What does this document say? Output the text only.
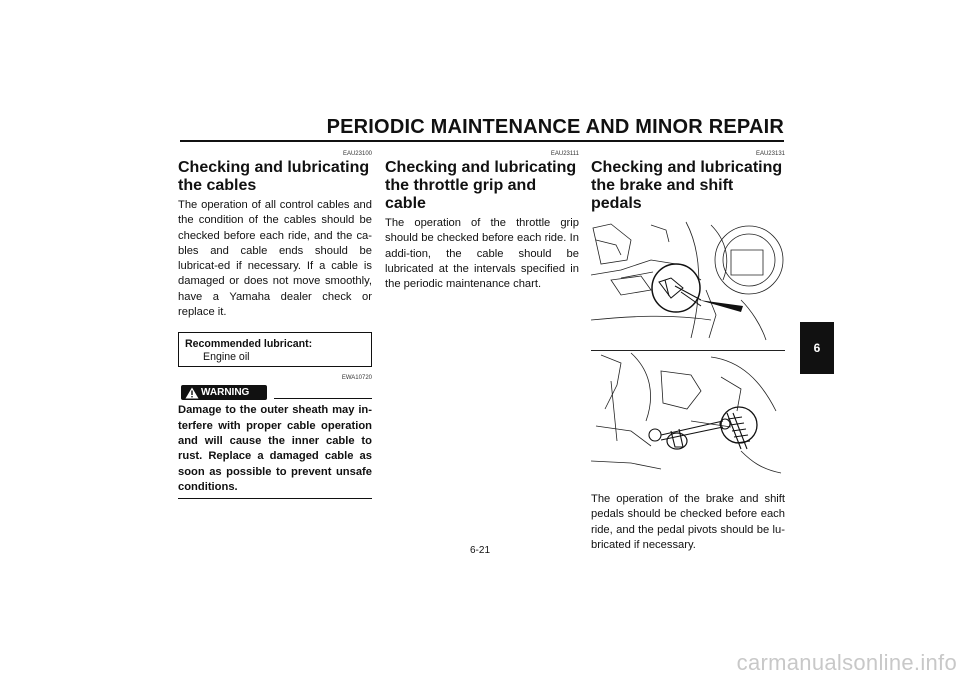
PERIODIC MAINTENANCE AND MINOR REPAIR
EAU23100
Checking and lubricating the cables
The operation of all control cables and the condition of the cables should be checked before each ride, and the ca-bles and cable ends should be lubricat-ed if necessary. If a cable is damaged or does not move smoothly, have a Yamaha dealer check or replace it.
Recommended lubricant:
Engine oil
EWA10720
WARNING
Damage to the outer sheath may in-terfere with proper cable operation and will cause the inner cable to rust. Replace a damaged cable as soon as possible to prevent unsafe conditions.
EAU23111
Checking and lubricating the throttle grip and cable
The operation of the throttle grip should be checked before each ride. In addi-tion, the cable should be lubricated at the intervals specified in the periodic maintenance chart.
EAU23131
Checking and lubricating the brake and shift pedals
The operation of the brake and shift pedals should be checked before each ride, and the pedal pivots should be lu-bricated if necessary.
6
6-21
carmanualsonline.info
